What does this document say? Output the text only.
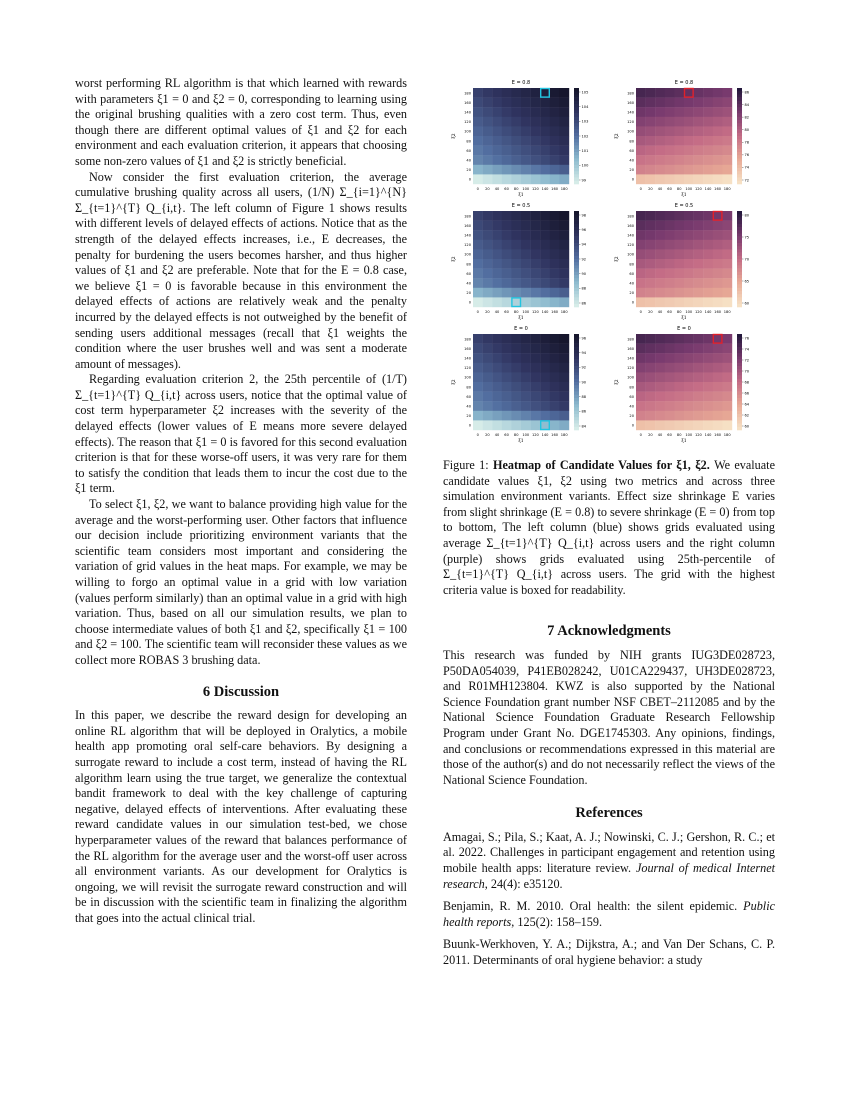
worst performing RL algorithm is that which learned with rewards with parameters ξ1 = 0 and ξ2 = 0, corresponding to learning using the original brushing qualities with a zero cost term. Thus, even though there are different optimal values of ξ1 and ξ2 for each environment and each evaluation criterion, it appears that choosing some non-zero values of ξ1 and ξ2 is strictly beneficial.

Now consider the first evaluation criterion, the average cumulative brushing quality across all users, (1/N) Σ_{i=1}^{N} Σ_{t=1}^{T} Q_{i,t}. The left column of Figure 1 shows results with different levels of delayed effects of actions. Notice that as the strength of the delayed effects increases, i.e., E decreases, the penalty for burdening the users becomes harsher, and thus higher values of ξ1 and ξ2 are preferable. Note that for the E = 0.8 case, we believe ξ1 = 0 is favorable because in this environment the delayed effects of actions are relatively weak and the penalty incurred by the delayed effects is not outweighed by the benefit of sending users additional messages (recall that ξ1 weights the condition where the user brushes well and was sent a moderate amount of messages).

Regarding evaluation criterion 2, the 25th percentile of (1/T) Σ_{t=1}^{T} Q_{i,t} across users, notice that the optimal value of cost term hyperparameter ξ2 increases with the severity of the delayed effects (lower values of E means more severe delayed effects). The reason that ξ1 = 0 is favored for this second evaluation criterion is that for these worse-off users, it was very rare for them to satisfy the condition that leads them to incur the cost due to the ξ1 term.

To select ξ1, ξ2, we want to balance providing high value for the average and the worst-performing user. Other factors that influence our decision include prioritizing environment variants that the scientific team considers most important and considering the variation of grid values in the heat maps. For example, we may be willing to forgo an optimal value in a grid with low variation (values perform similarly) than an optimal value in a grid with high variation. Thus, based on all our simulation results, we plan to choose intermediate values of both ξ1 and ξ2, specifically ξ1 = 100 and ξ2 = 100. The scientific team will reconsider these values as we collect more ROBAS 3 brushing data.

6 Discussion

In this paper, we describe the reward design for developing an online RL algorithm that will be deployed in Oralytics, a mobile health app promoting oral self-care behaviors. By designing a surrogate reward to include a cost term, instead of having the RL algorithm learn using the true target, we generalize the contextual bandit framework to deal with the key challenge of capturing negative, delayed effects of interventions. After evaluating these reward candidate values in our simulation test-bed, we chose hyperparameter values of the reward that balances performance of the RL algorithm for the average user and the worst-off user across all environment variants. As our development for Oralytics is ongoing, we will revisit the surrogate reward construction and will be in discussion with the scientific team in finalizing the algorithm that goes into the actual clinical trial.

E = 0.8
180
160
140
120
100
80
60
40
20
0
0 20 40 60 80 100 120 140 160 180
ξ1
ξ2
105
104
103
102
101
100
99
E = 0.8
180
160
140
120
100
80
60
40
20
0
0 20 40 60 80 100 120 140 160 180
ξ1
ξ2
86
84
82
80
78
76
74
72
E = 0.5
180
160
140
120
100
80
60
40
20
0
0 20 40 60 80 100 120 140 160 180
ξ1
ξ2
98
96
94
92
90
88
86
E = 0.5
180
160
140
120
100
80
60
40
20
0
0 20 40 60 80 100 120 140 160 180
ξ1
ξ2
80
75
70
65
60
E = 0
180
160
140
120
100
80
60
40
20
0
0 20 40 60 80 100 120 140 160 180
ξ1
ξ2
96
94
92
90
88
86
84
E = 0
180
160
140
120
100
80
60
40
20
0
0 20 40 60 80 100 120 140 160 180
ξ1
ξ2
76
74
72
70
68
66
64
62
60

Figure 1: Heatmap of Candidate Values for ξ1, ξ2. We evaluate candidate values ξ1, ξ2 using two metrics and across three simulation environment variants. Effect size shrinkage E varies from slight shrinkage (E = 0.8) to severe shrinkage (E = 0) from top to bottom, The left column (blue) shows grids evaluated using average Σ_{t=1}^{T} Q_{i,t} across users and the right column (purple) shows grids evaluated using 25th-percentile of Σ_{t=1}^{T} Q_{i,t} across users. The grid with the highest criteria value is boxed for readability.

7 Acknowledgments

This research was funded by NIH grants IUG3DE028723, P50DA054039, P41EB028242, U01CA229437, UH3DE028723, and R01MH123804. KWZ is also supported by the National Science Foundation grant number NSF CBET–2112085 and by the National Science Foundation Graduate Research Fellowship Program under Grant No. DGE1745303. Any opinions, findings, and conclusions or recommendations expressed in this material are those of the author(s) and do not necessarily reflect the views of the National Science Foundation.

References

Amagai, S.; Pila, S.; Kaat, A. J.; Nowinski, C. J.; Gershon, R. C.; et al. 2022. Challenges in participant engagement and retention using mobile health apps: literature review. Journal of medical Internet research, 24(4): e35120.

Benjamin, R. M. 2010. Oral health: the silent epidemic. Public health reports, 125(2): 158–159.

Buunk-Werkhoven, Y. A.; Dijkstra, A.; and Van Der Schans, C. P. 2011. Determinants of oral hygiene behavior: a study
